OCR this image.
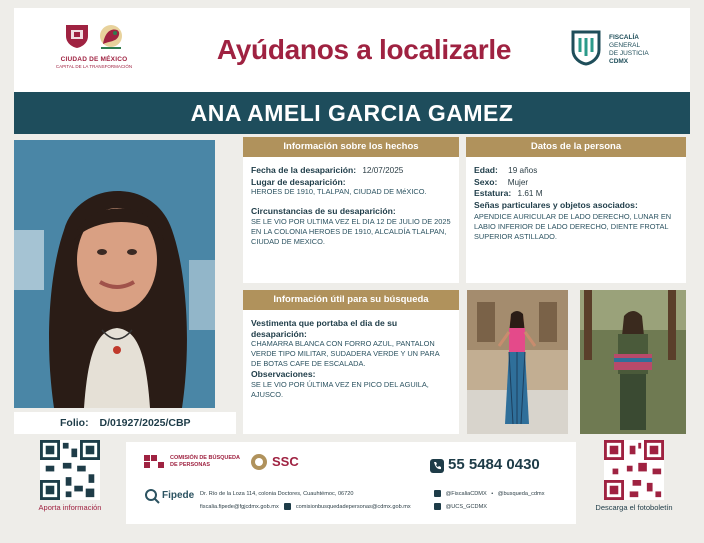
CIUDAD DE MÉXICO
CAPITAL DE LA TRANSFORMACIÓN
Ayúdanos a localizarle	FISCALÍA
GENERAL
DE JUSTICIA
CDMX
ANA AMELI GARCIA GAMEZ
Folio: D/01927/2025/CBP
Información sobre los hechos
Fecha de la desaparición: 12/07/2025
Lugar de desaparición:
HEROES DE 1910, TLALPAN, CIUDAD DE MéXICO.
Circunstancias de su desaparición:
SE LE VIO POR ULTIMA VEZ EL DIA 12 DE JULIO DE 2025 EN LA COLONIA HEROES DE 1910, ALCALDÍA TLALPAN, CIUDAD DE MEXICO.
Datos de la persona
Edad: 19 años
Sexo: Mujer
Estatura: 1.61 M
Señas particulares y objetos asociados:
APENDICE AURICULAR DE LADO DERECHO, LUNAR EN LABIO INFERIOR DE LADO DERECHO, DIENTE FROTAL SUPERIOR ASTILLADO.
Información útil para su búsqueda
Vestimenta que portaba el dia de su desaparición:
CHAMARRA BLANCA CON FORRO AZUL, PANTALON VERDE TIPO MILITAR, SUDADERA VERDE Y UN PARA DE BOTAS CAFE DE ESCALADA.
Observaciones:
SE LE VIO POR ÚLTIMA VEZ EN PICO DEL AGUILA, AJUSCO.
Aporta información
COMISIÓN DE BÚSQUEDA
DE PERSONAS	SSC	55 5484 0430
Fipede Dr. Río de la Loza 114, colonia Doctores, Cuauhtémoc, 06720
fiscalia.fipede@fgjcdmx.gob.mx	comisionbusquedadepersonas@cdmx.gob.mx
@FiscaliaCDMX • @busqueda_cdmx
@UCS_GCDMX	Descarga el fotoboletín
